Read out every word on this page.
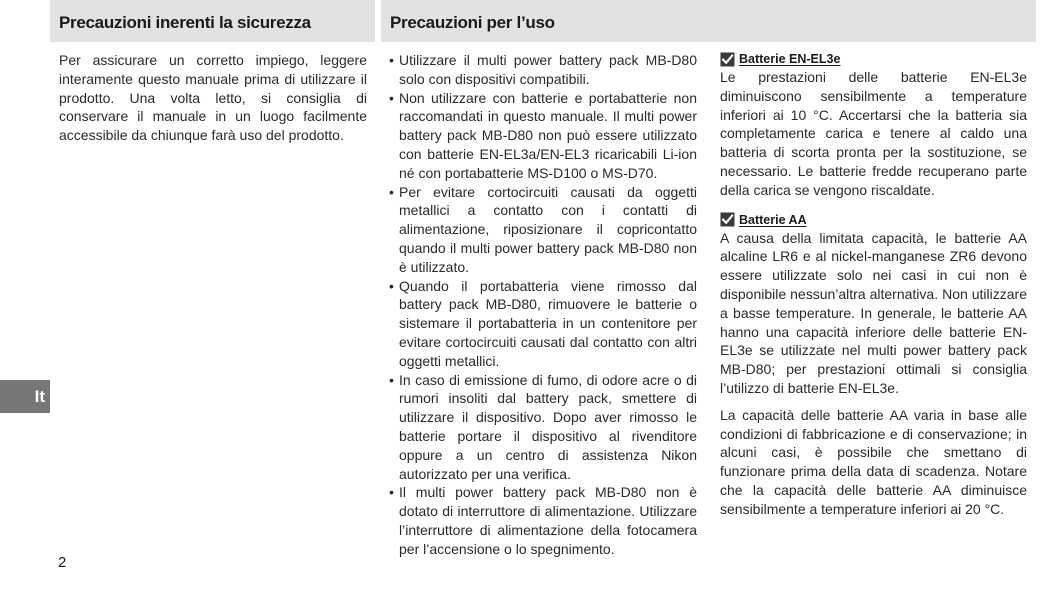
Precauzioni inerenti la sicurezza	Precauzioni per l’uso

Per assicurare un corretto impiego, leggere interamente questo manuale prima di utilizzare il prodotto. Una volta letto, si consiglia di conservare il manuale in un luogo facilmente accessibile da chiunque farà uso del prodotto.

• Utilizzare il multi power battery pack MB-D80 solo con dispositivi compatibili.
• Non utilizzare con batterie e portabatterie non raccomandati in questo manuale. Il multi power battery pack MB-D80 non può essere utilizzato con batterie EN-EL3a/EN-EL3 ricaricabili Li-ion né con portabatterie MS-D100 o MS-D70.
• Per evitare cortocircuiti causati da oggetti metallici a contatto con i contatti di alimentazione, riposizionare il copricontatto quando il multi power battery pack MB-D80 non è utilizzato.
• Quando il portabatteria viene rimosso dal battery pack MB-D80, rimuovere le batterie o sistemare il portabatteria in un contenitore per evitare cortocircuiti causati dal contatto con altri oggetti metallici.
• In caso di emissione di fumo, di odore acre o di rumori insoliti dal battery pack, smettere di utilizzare il dispositivo. Dopo aver rimosso le batterie portare il dispositivo al rivenditore oppure a un centro di assistenza Nikon autorizzato per una verifica.
• Il multi power battery pack MB-D80 non è dotato di interruttore di alimentazione. Utilizzare l’interruttore di alimentazione della fotocamera per l’accensione o lo spegnimento.
Batterie EN-EL3e

Le prestazioni delle batterie EN-EL3e diminuiscono sensibilmente a temperature inferiori ai 10 °C. Accertarsi che la batteria sia completamente carica e tenere al caldo una batteria di scorta pronta per la sostituzione, se necessario. Le batterie fredde recuperano parte della carica se vengono riscaldate.

Batterie AA

A causa della limitata capacità, le batterie AA alcaline LR6 e al nickel-manganese ZR6 devono essere utilizzate solo nei casi in cui non è disponibile nessun’altra alternativa. Non utilizzare a basse temperature. In generale, le batterie AA hanno una capacità inferiore delle batterie EN-EL3e se utilizzate nel multi power battery pack MB-D80; per prestazioni ottimali si consiglia l’utilizzo di batterie EN-EL3e.

La capacità delle batterie AA varia in base alle condizioni di fabbricazione e di conservazione; in alcuni casi, è possibile che smettano di funzionare prima della data di scadenza. Notare che la capacità delle batterie AA diminuisce sensibilmente a temperature inferiori ai 20 °C.

It
2
